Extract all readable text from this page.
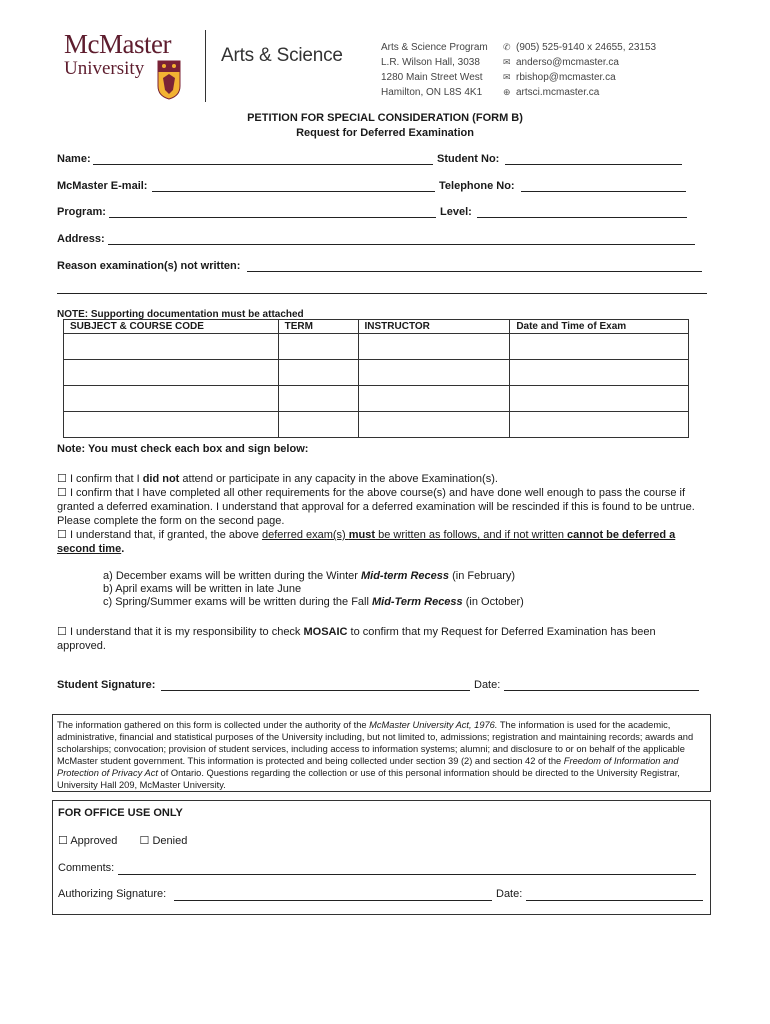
McMaster
University
Arts & Science	Arts & Science Program
L.R. Wilson Hall, 3038
1280 Main Street West
Hamilton, ON L8S 4K1
✆ (905) 525-9140 x 24655, 23153
✉ anderso@mcmaster.ca
✉ rbishop@mcmaster.ca
⊕ artsci.mcmaster.ca
PETITION FOR SPECIAL CONSIDERATION (FORM B)
Request for Deferred Examination
Name:	Student No:
McMaster E-mail:	Telephone No:
Program:	Level:
Address:
Reason examination(s) not written:
NOTE: Supporting documentation must be attached
SUBJECT & COURSE CODE	TERM	INSTRUCTOR	Date and Time of Exam

Note: You must check each box and sign below:
☐ I confirm that I did not attend or participate in any capacity in the above Examination(s).
☐ I confirm that I have completed all other requirements for the above course(s) and have done well enough to pass the course if granted a deferred examination. I understand that approval for a deferred examination will be rescinded if this is found to be untrue. Please complete the form on the second page.
☐ I understand that, if granted, the above deferred exam(s) must be written as follows, and if not written cannot be deferred a second time.
a) December exams will be written during the Winter Mid-term Recess (in February)
b) April exams will be written in late June
c) Spring/Summer exams will be written during the Fall Mid-Term Recess (in October)
☐ I understand that it is my responsibility to check MOSAIC to confirm that my Request for Deferred Examination has been approved.
Student Signature:	Date:
The information gathered on this form is collected under the authority of the McMaster University Act, 1976. The information is used for the academic, administrative, financial and statistical purposes of the University including, but not limited to, admissions; registration and maintaining records; awards and scholarships; convocation; provision of student services, including access to information systems; alumni; and disclosure to or on behalf of the applicable McMaster student government. This information is protected and being collected under section 39 (2) and section 42 of the Freedom of Information and Protection of Privacy Act of Ontario. Questions regarding the collection or use of this personal information should be directed to the University Registrar, University Hall 209, McMaster University.
FOR OFFICE USE ONLY
☐ Approved ☐ Denied
Comments:
Authorizing Signature:	Date:
